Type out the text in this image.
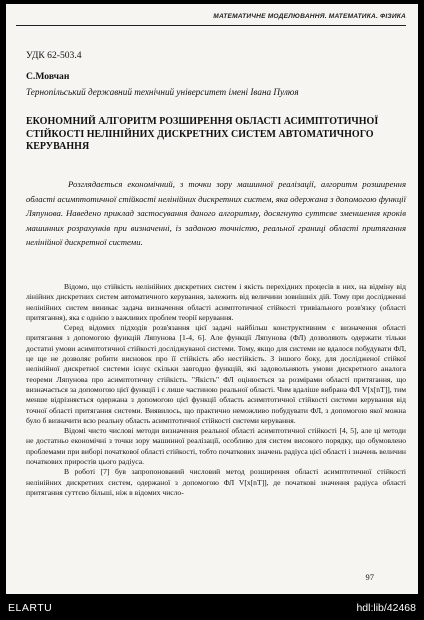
МАТЕМАТИЧНЕ МОДЕЛЮВАННЯ. МАТЕМАТИКА. ФІЗИКА
УДК 62-503.4
С.Мовчан
Тернопільський державний технічний університет імені Івана Пулюя
ЕКОНОМНИЙ АЛГОРИТМ РОЗШИРЕННЯ ОБЛАСТІ АСИМПТОТИЧНОЇ СТІЙКОСТІ НЕЛІНІЙНИХ ДИСКРЕТНИХ СИСТЕМ АВТОМАТИЧНОГО КЕРУВАННЯ
Розглядається економічний, з точки зору машинної реалізації, алгоритм розширення області асимптотичної стійкості нелінійних дискретних систем, яка одержана з допомогою функції Ляпунова. Наведено приклад застосування даного алгоритму, досягнуто суттєве зменшення кроків машинних розрахунків при визначенні, із заданою точністю, реальної границі області притягання нелінійної дискретної системи.

Відомо, що стійкість нелінійних дискретних систем і якість перехідних процесів в них, на відміну від лінійних дискретних систем автоматичного керування, залежить від величини зовнішніх дій. Тому при дослідженні нелінійних систем виникає задача визначення області асимптотичної стійкості тривіального розв'язку (області притягання), яка є однією з важливих проблем теорії керування.

Серед відомих підходів розв'язання цієї задачі найбільш конструктивним є визначення області притягання з допомогою функцій Ляпунова [1-4, 6]. Але функції Ляпунова (ФЛ) дозволяють одержати тільки достатні умови асимптотичної стійкості досліджуваної системи. Тому, якщо для системи не вдалося побудувати ФЛ, це ще не дозволяє робити висновок про її стійкість або нестійкість. З іншого боку, для дослідженої стійкої нелінійної дискретної системи існує скільки завгодно функцій, які задовольняють умови дискретного аналога теореми Ляпунова про асимптотичну стійкість. "Якість" ФЛ оцінюється за розмірами області притягання, що визначається за допомогою цієї функції і є лише частиною реальної області. Чим вдаліше вибрана ФЛ V[x[nT]], тим менше відрізняється одержана з допомогою цієї функції область асимптотичної стійкості системи керування від точної області притягання системи. Виявилось, що практично неможливо побудувати ФЛ, з допомогою якої можна було б визначити всю реальну область асимптотичної стійкості системи керування.

Відомі чисто числові методи визначення реальної області асимптотичної стійкості [4, 5], але ці методи не достатньо економічні з точки зору машинної реалізації, особливо для систем високого порядку, що обумовлено проблемами при виборі початкової області стійкості, тобто початкових значень радіуса цієї області і значень величин початкових приростів цього радіуса.

В роботі [7] був запропонований числовий метод розширення області асимптотичної стійкості нелінійних дискретних систем, одержаної з допомогою ФЛ V[x[nT]], де початкові значення радіуса області притягання суттєво більші, ніж в відомих число-

97
ELARTU	hdl:lib/42468
